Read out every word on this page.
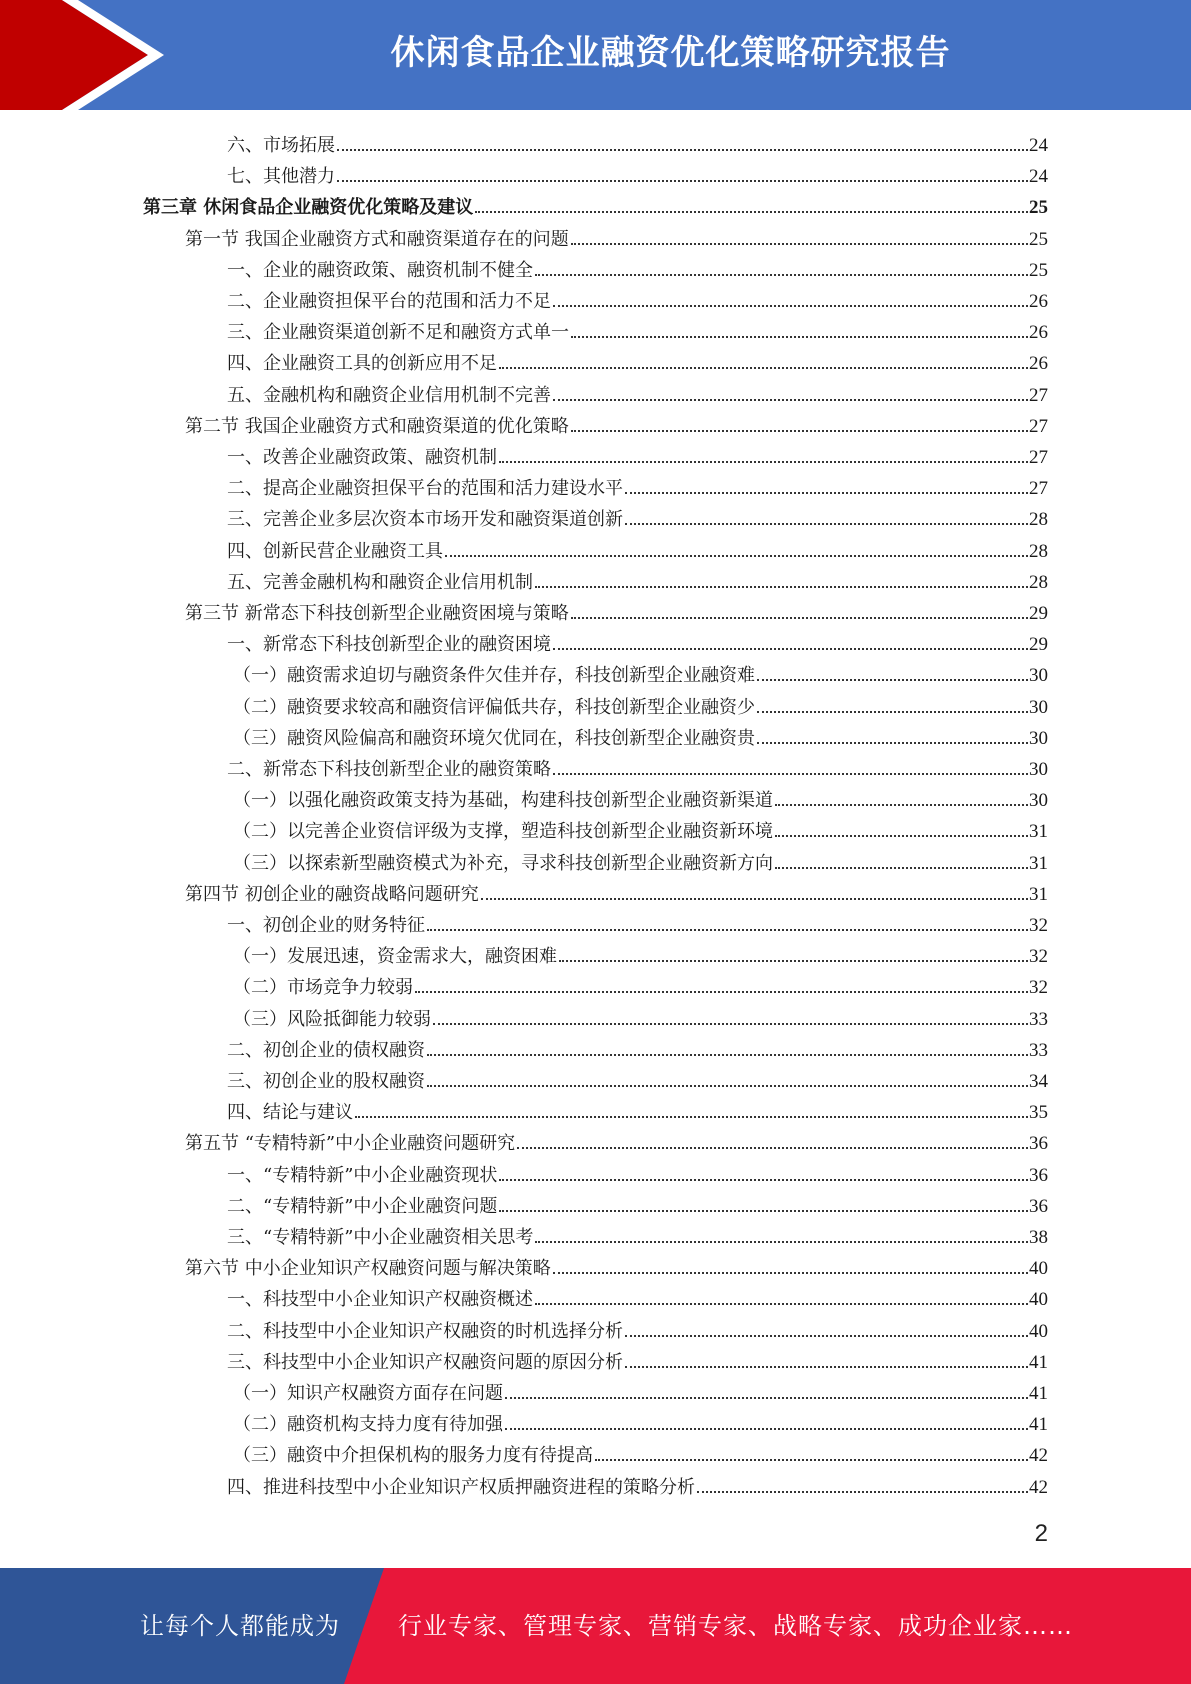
休闲食品企业融资优化策略研究报告
六、市场拓展	24
七、其他潜力	24
第三章 休闲食品企业融资优化策略及建议	25
第一节 我国企业融资方式和融资渠道存在的问题	25
一、企业的融资政策、融资机制不健全	25
二、企业融资担保平台的范围和活力不足	26
三、企业融资渠道创新不足和融资方式单一	26
四、企业融资工具的创新应用不足	26
五、金融机构和融资企业信用机制不完善	27
第二节 我国企业融资方式和融资渠道的优化策略	27
一、改善企业融资政策、融资机制	27
二、提高企业融资担保平台的范围和活力建设水平	27
三、完善企业多层次资本市场开发和融资渠道创新	28
四、创新民营企业融资工具	28
五、完善金融机构和融资企业信用机制	28
第三节 新常态下科技创新型企业融资困境与策略	29
一、新常态下科技创新型企业的融资困境	29
（一）融资需求迫切与融资条件欠佳并存，科技创新型企业融资难	30
（二）融资要求较高和融资信评偏低共存，科技创新型企业融资少	30
（三）融资风险偏高和融资环境欠优同在，科技创新型企业融资贵	30
二、新常态下科技创新型企业的融资策略	30
（一）以强化融资政策支持为基础，构建科技创新型企业融资新渠道	30
（二）以完善企业资信评级为支撑，塑造科技创新型企业融资新环境	31
（三）以探索新型融资模式为补充，寻求科技创新型企业融资新方向	31
第四节 初创企业的融资战略问题研究	31
一、初创企业的财务特征	32
（一）发展迅速，资金需求大，融资困难	32
（二）市场竞争力较弱	32
（三）风险抵御能力较弱	33
二、初创企业的债权融资	33
三、初创企业的股权融资	34
四、结论与建议	35
第五节 “专精特新”中小企业融资问题研究	36
一、“专精特新”中小企业融资现状	36
二、“专精特新”中小企业融资问题	36
三、“专精特新”中小企业融资相关思考	38
第六节 中小企业知识产权融资问题与解决策略	40
一、科技型中小企业知识产权融资概述	40
二、科技型中小企业知识产权融资的时机选择分析	40
三、科技型中小企业知识产权融资问题的原因分析	41
（一）知识产权融资方面存在问题	41
（二）融资机构支持力度有待加强	41
（三）融资中介担保机构的服务力度有待提高	42
四、推进科技型中小企业知识产权质押融资进程的策略分析	42
2
让每个人都能成为 行业专家、管理专家、营销专家、战略专家、成功企业家……
